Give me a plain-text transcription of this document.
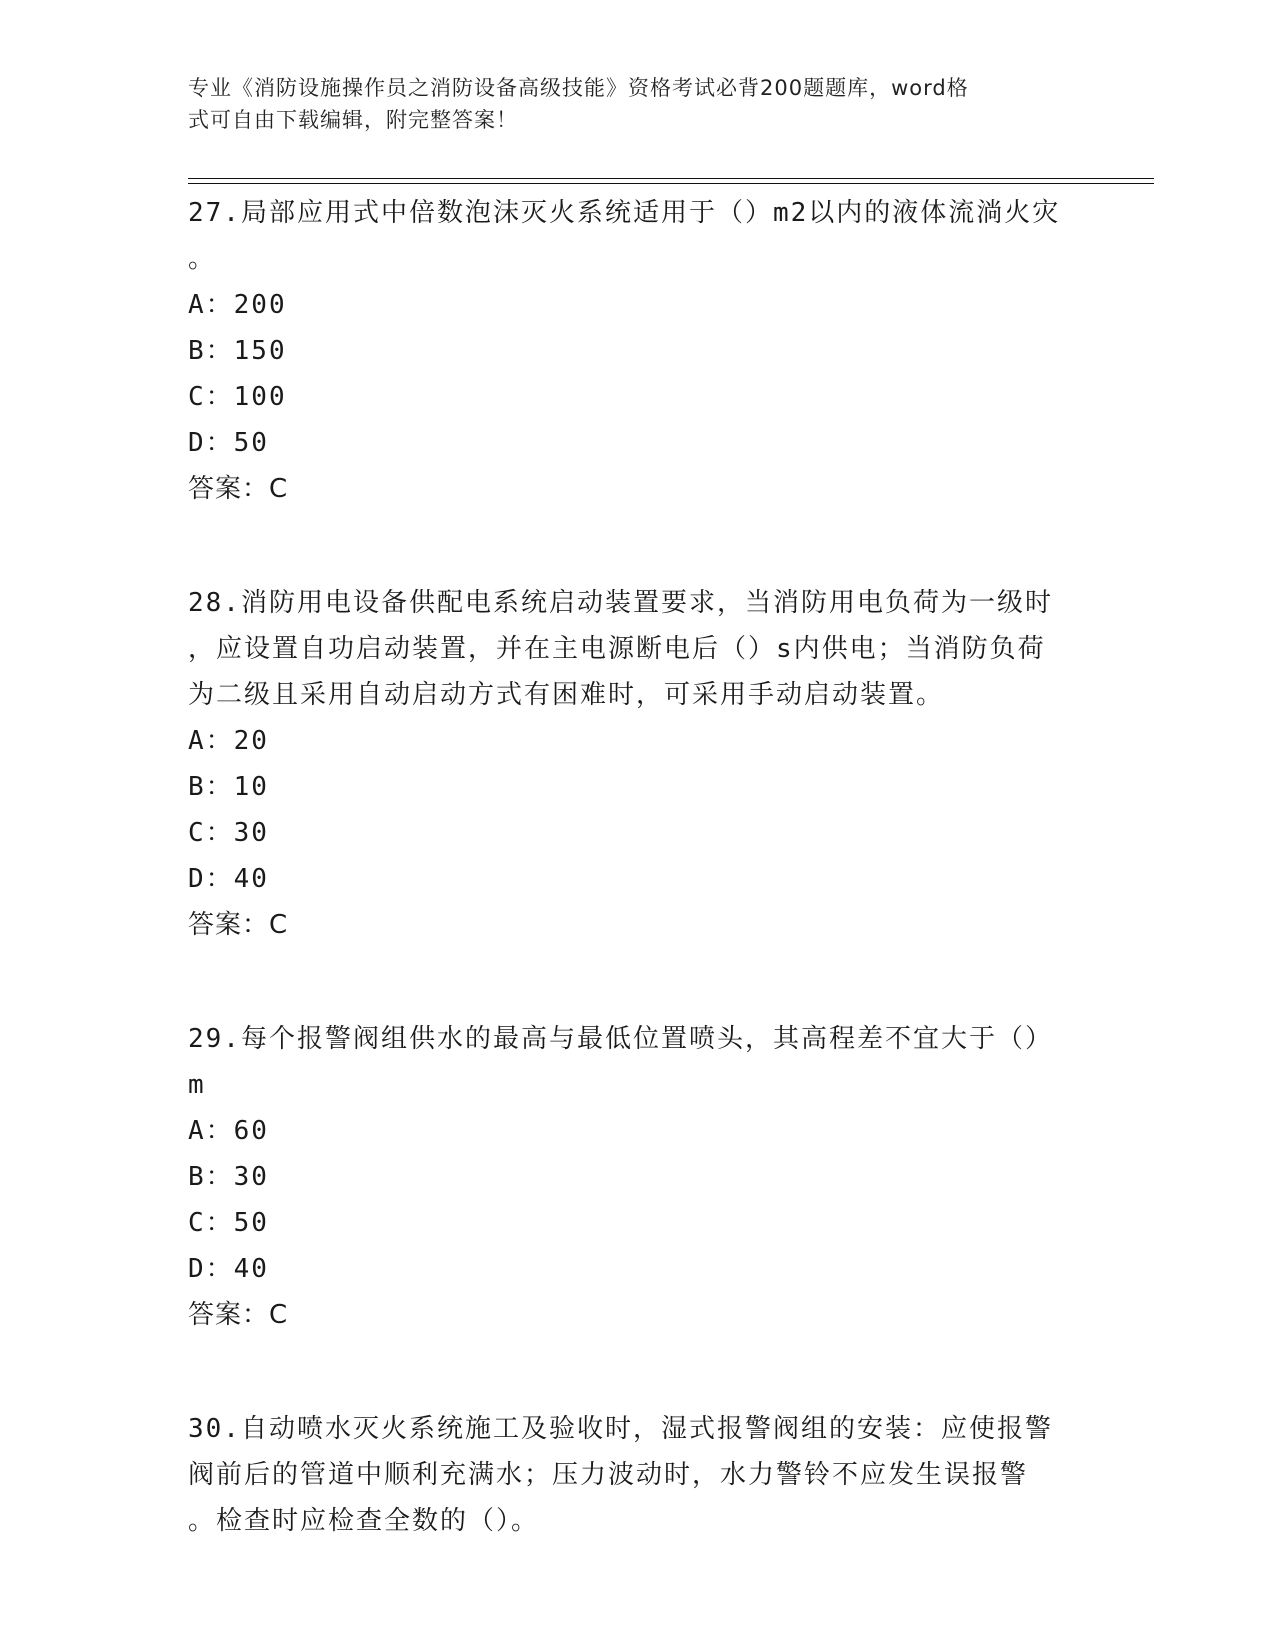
专业《消防设施操作员之消防设备高级技能》资格考试必背200题题库，word格
式可自由下载编辑，附完整答案！
27.局部应用式中倍数泡沫灭火系统适用于（）m2以内的液体流淌火灾
。
A：200
B：150
C：100
D：50
答案：C
28.消防用电设备供配电系统启动装置要求，当消防用电负荷为一级时
，应设置自功启动装置，并在主电源断电后（）s内供电；当消防负荷
为二级且采用自动启动方式有困难时，可采用手动启动装置。
A：20
B：10
C：30
D：40
答案：C
29.每个报警阀组供水的最高与最低位置喷头，其高程差不宜大于（）
m
A：60
B：30
C：50
D：40
答案：C
30.自动喷水灭火系统施工及验收时，湿式报警阀组的安装：应使报警
阀前后的管道中顺利充满水；压力波动时，水力警铃不应发生误报警
。检查时应检查全数的（）。
